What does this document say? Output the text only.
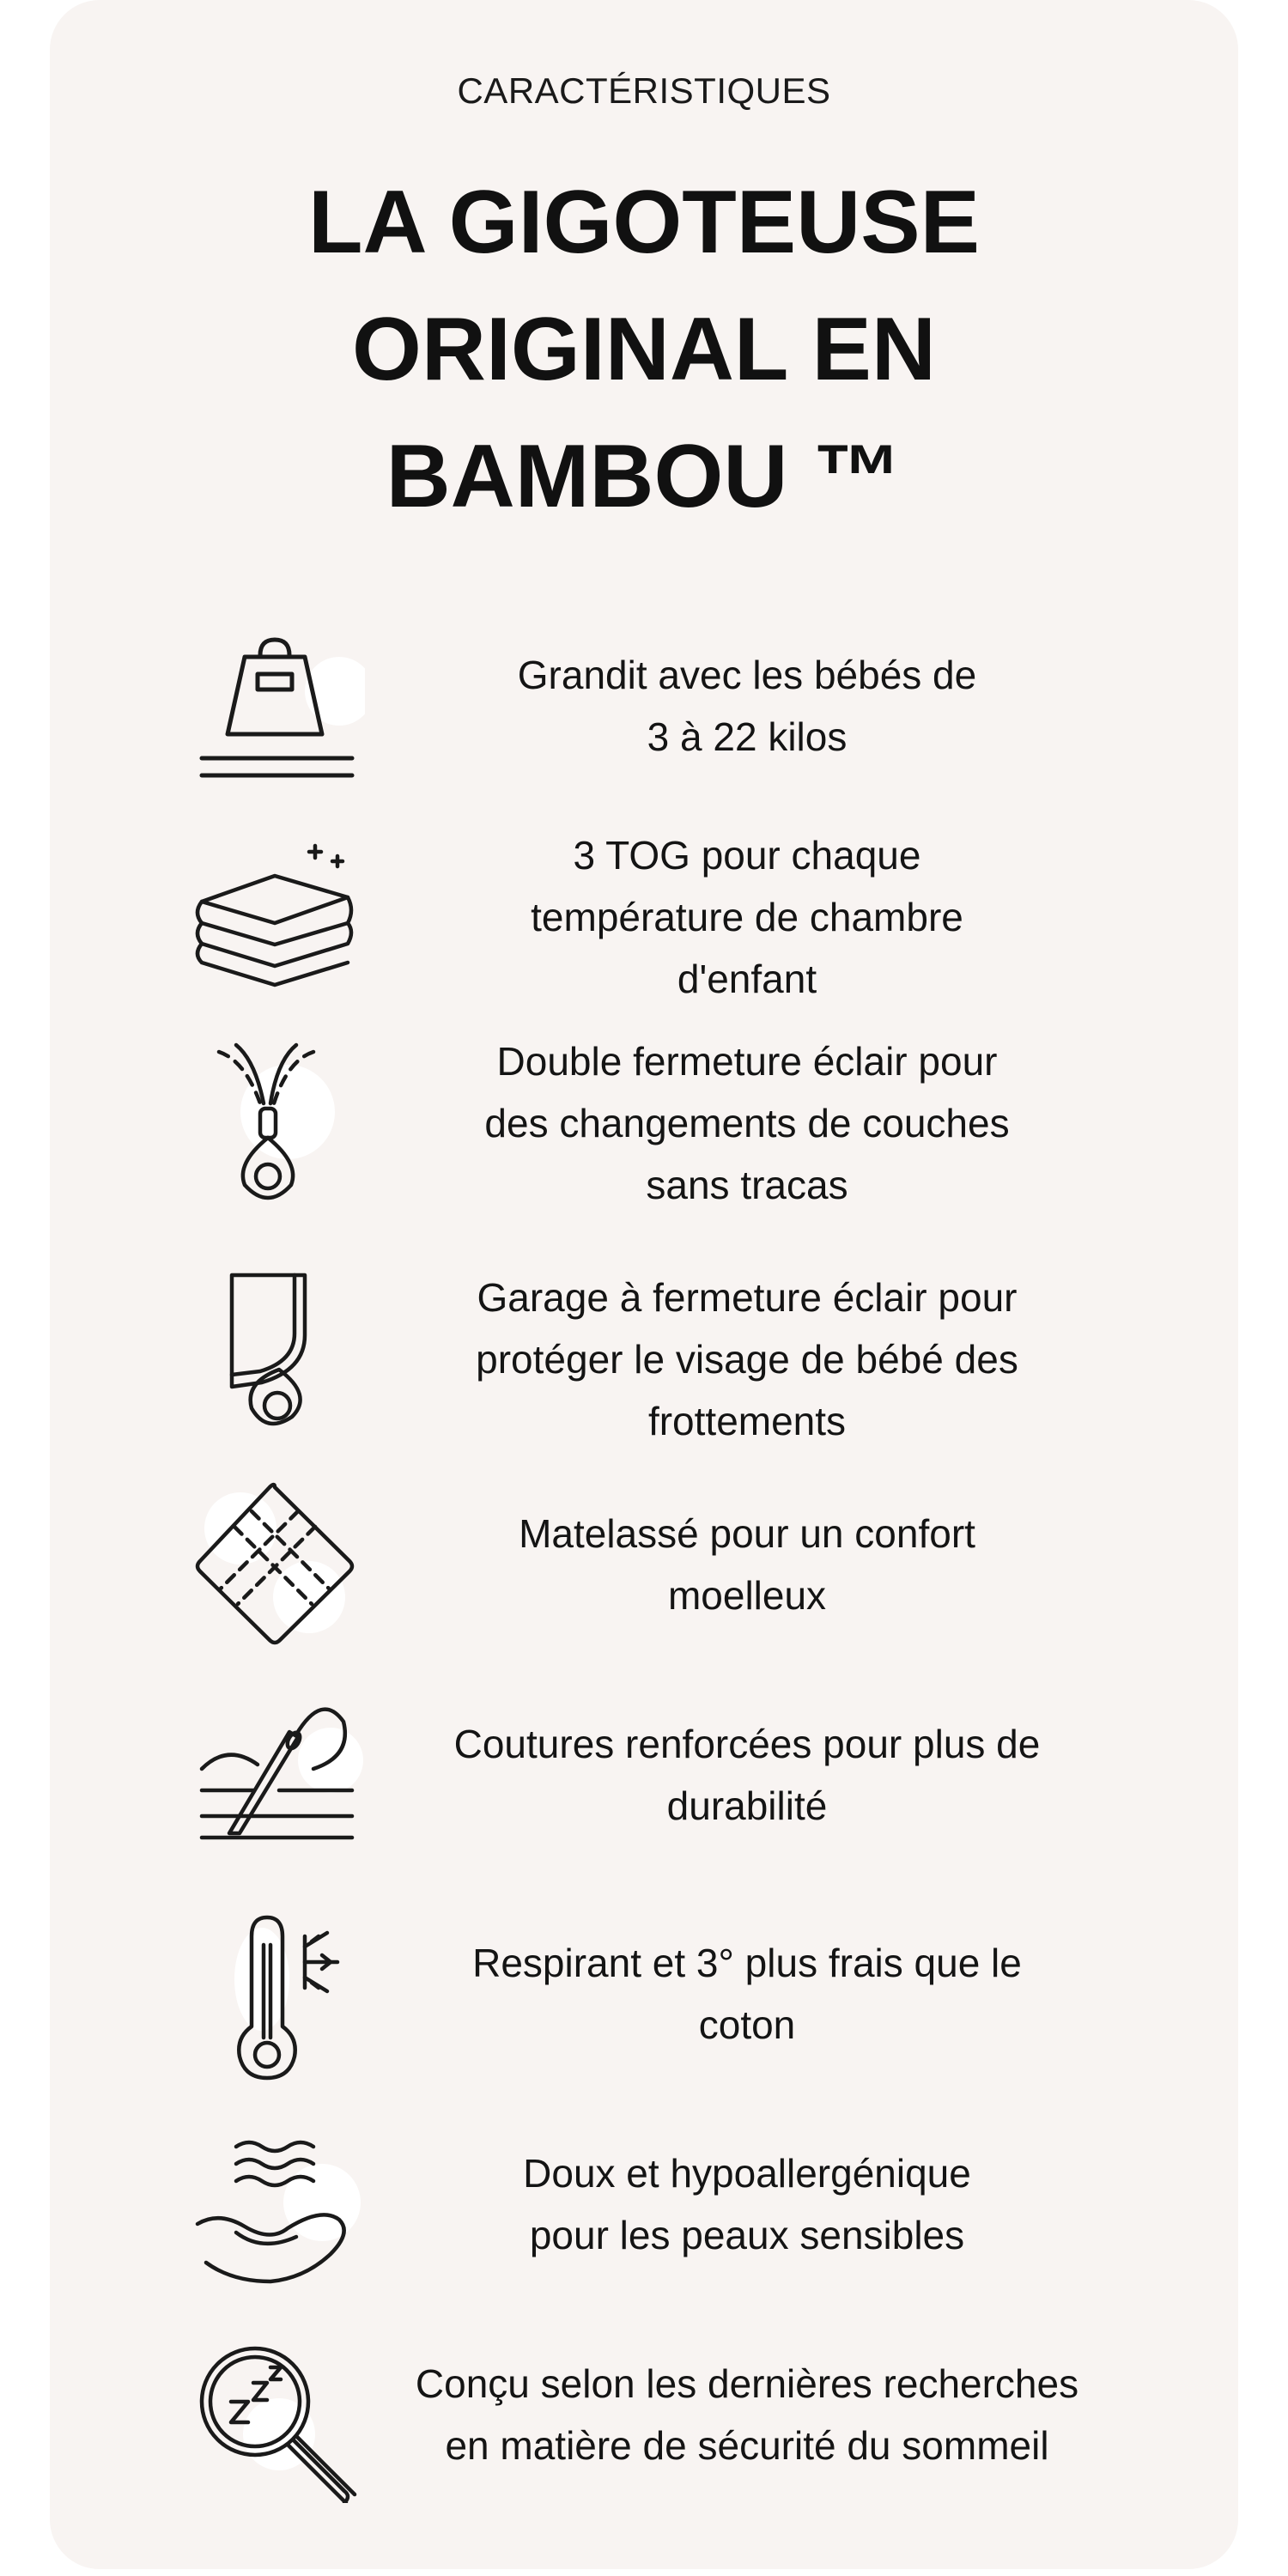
CARACTÉRISTIQUES
LA GIGOTEUSE
ORIGINAL EN
BAMBOU ™
Grandit avec les bébés de
3 à 22 kilos
3 TOG pour chaque
température de chambre
d'enfant
Double fermeture éclair pour
des changements de couches
sans tracas
Garage à fermeture éclair pour
protéger le visage de bébé des
frottements
Matelassé pour un confort
moelleux
Coutures renforcées pour plus de
durabilité
Respirant et 3° plus frais que le
coton
Doux et hypoallergénique
pour les peaux sensibles
Conçu selon les dernières recherches
en matière de sécurité du sommeil
